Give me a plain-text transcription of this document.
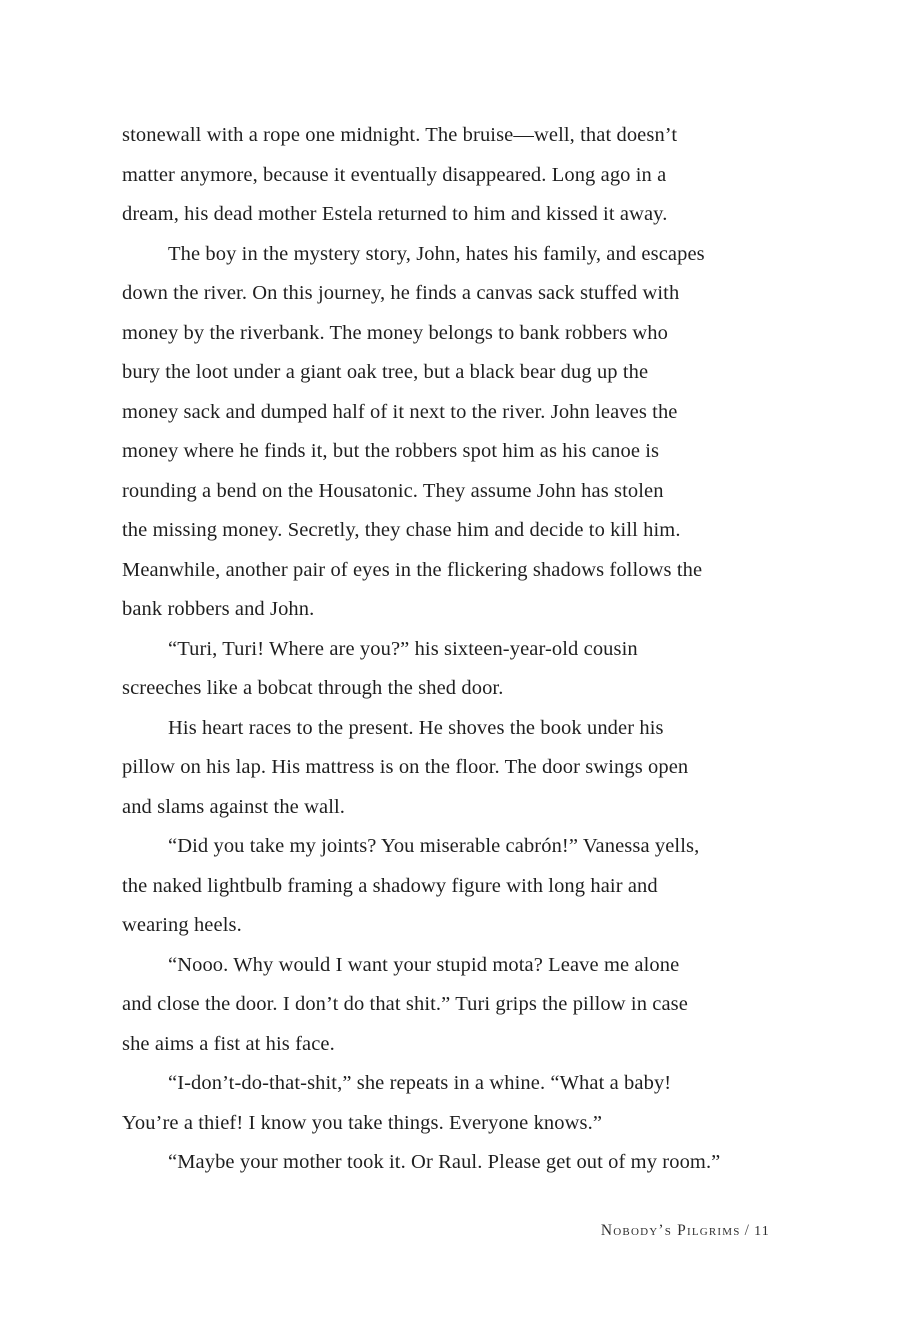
stonewall with a rope one midnight. The bruise—well, that doesn’t
matter anymore, because it eventually disappeared. Long ago in a
dream, his dead mother Estela returned to him and kissed it away.
The boy in the mystery story, John, hates his family, and escapes
down the river. On this journey, he finds a canvas sack stuffed with
money by the riverbank. The money belongs to bank robbers who
bury the loot under a giant oak tree, but a black bear dug up the
money sack and dumped half of it next to the river. John leaves the
money where he finds it, but the robbers spot him as his canoe is
rounding a bend on the Housatonic. They assume John has stolen
the missing money. Secretly, they chase him and decide to kill him.
Meanwhile, another pair of eyes in the flickering shadows follows the
bank robbers and John.
“Turi, Turi! Where are you?” his sixteen-year-old cousin
screeches like a bobcat through the shed door.
His heart races to the present. He shoves the book under his
pillow on his lap. His mattress is on the floor. The door swings open
and slams against the wall.
“Did you take my joints? You miserable cabrón!” Vanessa yells,
the naked lightbulb framing a shadowy figure with long hair and
wearing heels.
“Nooo. Why would I want your stupid mota? Leave me alone
and close the door. I don’t do that shit.” Turi grips the pillow in case
she aims a fist at his face.
“I-don’t-do-that-shit,” she repeats in a whine. “What a baby!
You’re a thief! I know you take things. Everyone knows.”
“Maybe your mother took it. Or Raul. Please get out of my room.”
Nobody’s Pilgrims / 11
